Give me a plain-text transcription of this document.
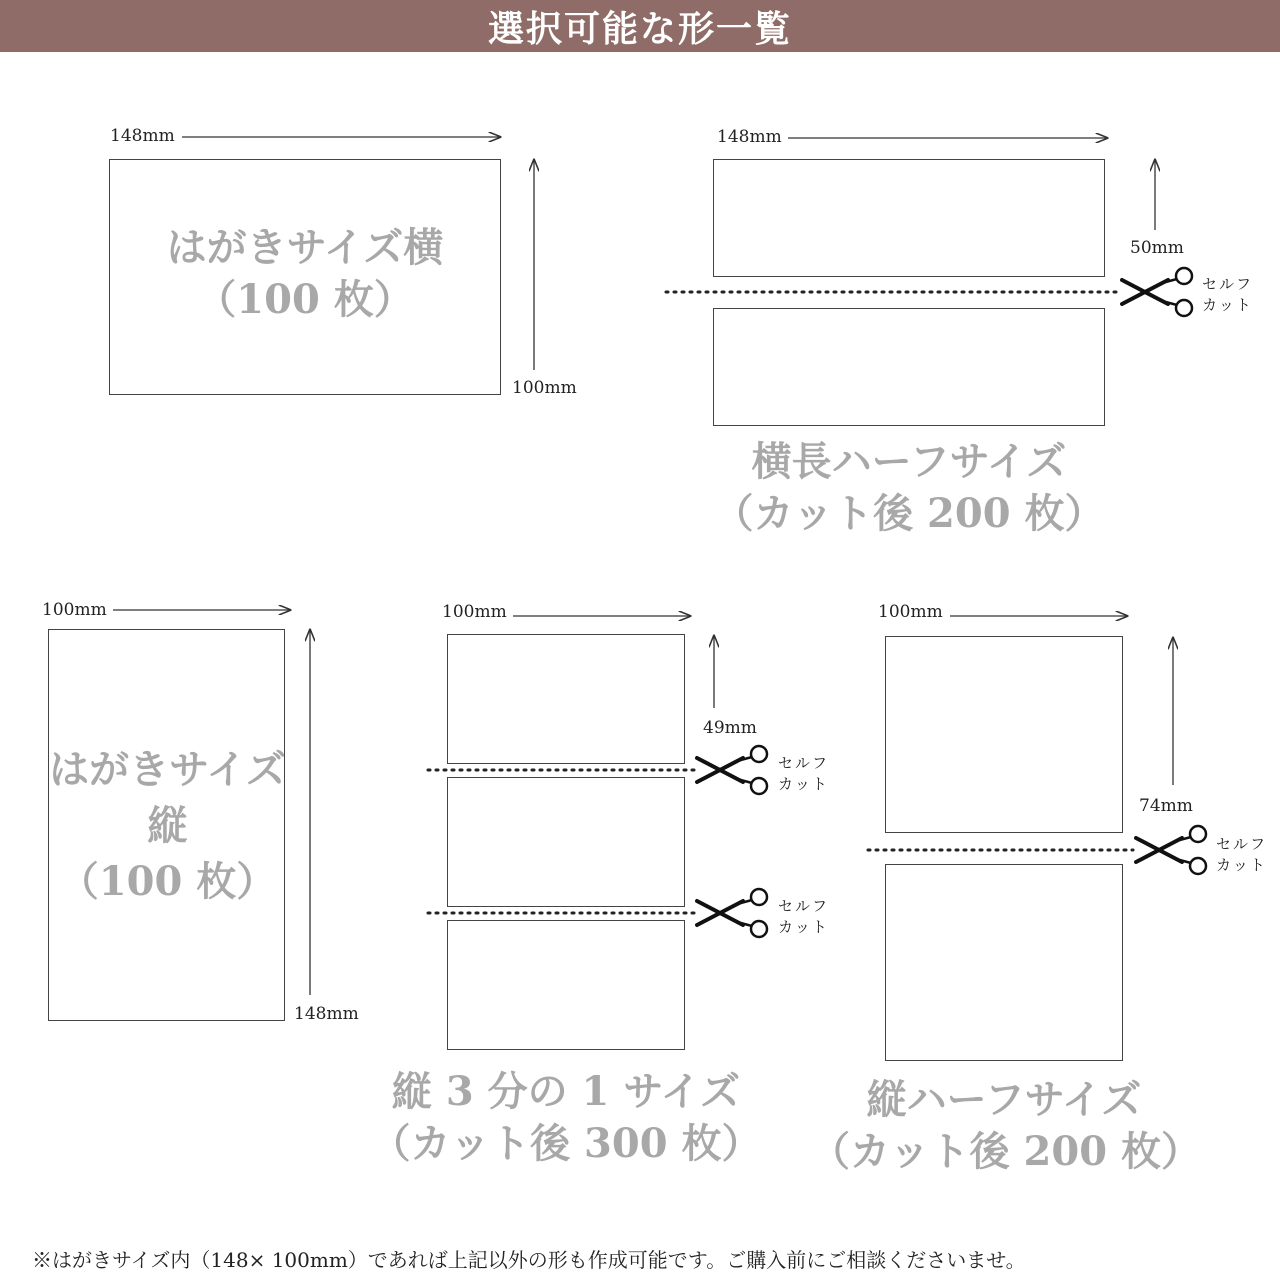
選択可能な形一覧
148mm
はがきサイズ横
（100 枚）
100mm
148mm
50mm
セルフ
カット
横長ハーフサイズ
（カット後 200 枚）
100mm
はがきサイズ
縦
（100 枚）
148mm
100mm
49mm
セルフ
カット
セルフ
カット
縦 3 分の 1 サイズ
（カット後 300 枚）
100mm
74mm
セルフ
カット
縦ハーフサイズ
（カット後 200 枚）
※はがきサイズ内（148× 100mm）であれば上記以外の形も作成可能です。ご購入前にご相談くださいませ。
